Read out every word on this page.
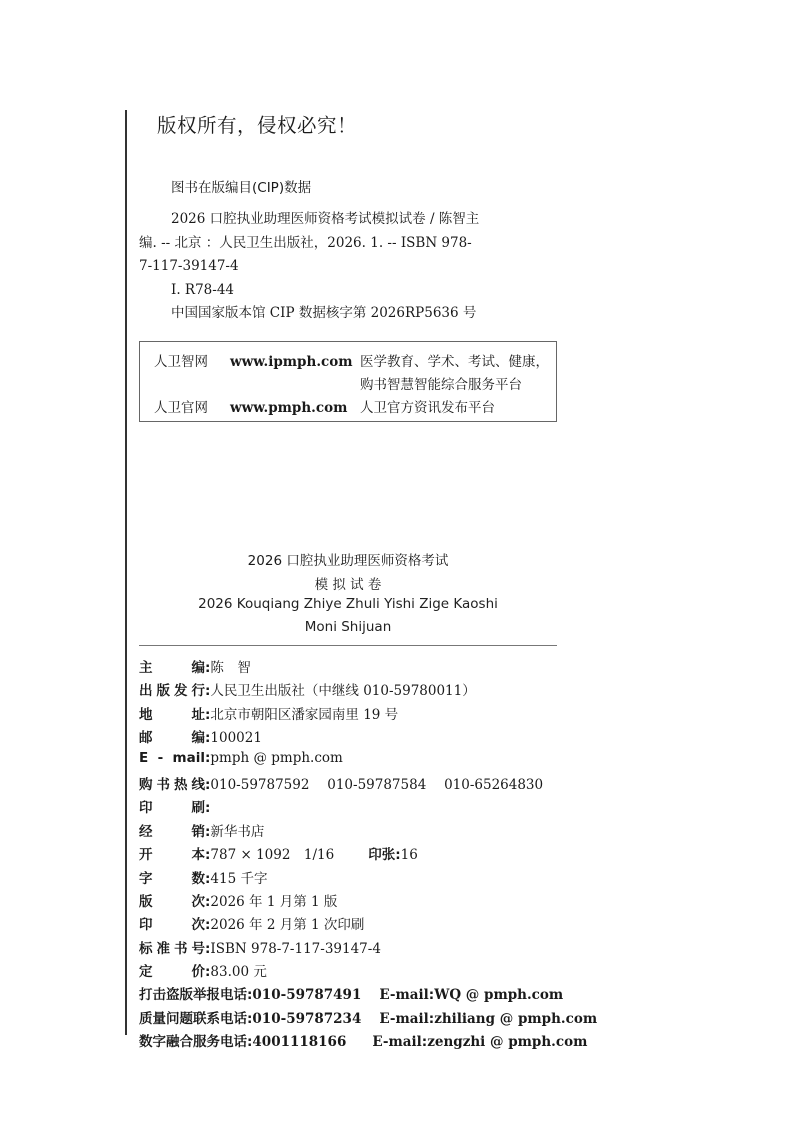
版权所有，侵权必究！
图书在版编目(CIP)数据
2026 口腔执业助理医师资格考试模拟试卷 / 陈智主
编. -- 北京 ：人民卫生出版社，2026. 1. -- ISBN 978-
7-117-39147-4
Ⅰ. R78-44
中国国家版本馆 CIP 数据核字第 2026RP5636 号
人卫智网 www.ipmph.com 医学教育、学术、考试、健康，
购书智慧智能综合服务平台
人卫官网 www.pmph.com 人卫官方资讯发布平台
2026 口腔执业助理医师资格考试
模 拟 试 卷
2026 Kouqiang Zhiye Zhuli Yishi Zige Kaoshi
Moni Shijuan
主　　编:陈　智
出版发行:人民卫生出版社（中继线 010-59780011）
地　　址:北京市朝阳区潘家园南里 19 号
邮　　编:100021
E - mail:pmph @ pmph.com
购书热线:010-59787592　 010-59787584　 010-65264830
印　　刷:
经　　销:新华书店
开　　本:787 × 1092　1/16	印张:16
字　　数:415 千字
版　　次:2026 年 1 月第 1 版
印　　次:2026 年 2 月第 1 次印刷
标准书号:ISBN 978-7-117-39147-4
定　　价:83.00 元
打击盗版举报电话:010-59787491 E-mail:WQ @ pmph.com
质量问题联系电话:010-59787234 E-mail:zhiliang @ pmph.com
数字融合服务电话:4001118166 E-mail:zengzhi @ pmph.com
